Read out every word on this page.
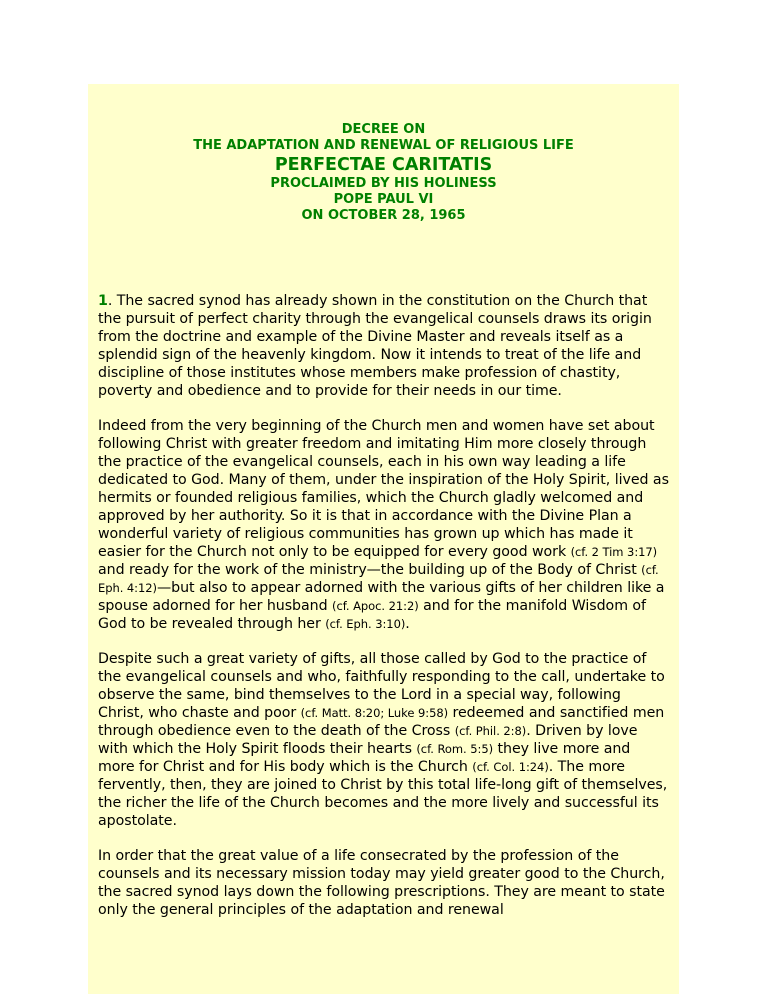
DECREE ON
THE ADAPTATION AND RENEWAL OF RELIGIOUS LIFE
PERFECTAE CARITATIS
PROCLAIMED BY HIS HOLINESS
POPE PAUL VI
ON OCTOBER 28, 1965

1. The sacred synod has already shown in the constitution on the Church that the pursuit of perfect charity through the evangelical counsels draws its origin from the doctrine and example of the Divine Master and reveals itself as a splendid sign of the heavenly kingdom. Now it intends to treat of the life and discipline of those institutes whose members make profession of chastity, poverty and obedience and to provide for their needs in our time.

Indeed from the very beginning of the Church men and women have set about following Christ with greater freedom and imitating Him more closely through the practice of the evangelical counsels, each in his own way leading a life dedicated to God. Many of them, under the inspiration of the Holy Spirit, lived as hermits or founded religious families, which the Church gladly welcomed and approved by her authority. So it is that in accordance with the Divine Plan a wonderful variety of religious communities has grown up which has made it easier for the Church not only to be equipped for every good work (cf. 2 Tim 3:17) and ready for the work of the ministry—the building up of the Body of Christ (cf. Eph. 4:12)—but also to appear adorned with the various gifts of her children like a spouse adorned for her husband (cf. Apoc. 21:2) and for the manifold Wisdom of God to be revealed through her (cf. Eph. 3:10).

Despite such a great variety of gifts, all those called by God to the practice of the evangelical counsels and who, faithfully responding to the call, undertake to observe the same, bind themselves to the Lord in a special way, following Christ, who chaste and poor (cf. Matt. 8:20; Luke 9:58) redeemed and sanctified men through obedience even to the death of the Cross (cf. Phil. 2:8). Driven by love with which the Holy Spirit floods their hearts (cf. Rom. 5:5) they live more and more for Christ and for His body which is the Church (cf. Col. 1:24). The more fervently, then, they are joined to Christ by this total life-long gift of themselves, the richer the life of the Church becomes and the more lively and successful its apostolate.

In order that the great value of a life consecrated by the profession of the counsels and its necessary mission today may yield greater good to the Church, the sacred synod lays down the following prescriptions. They are meant to state only the general principles of the adaptation and renewal
